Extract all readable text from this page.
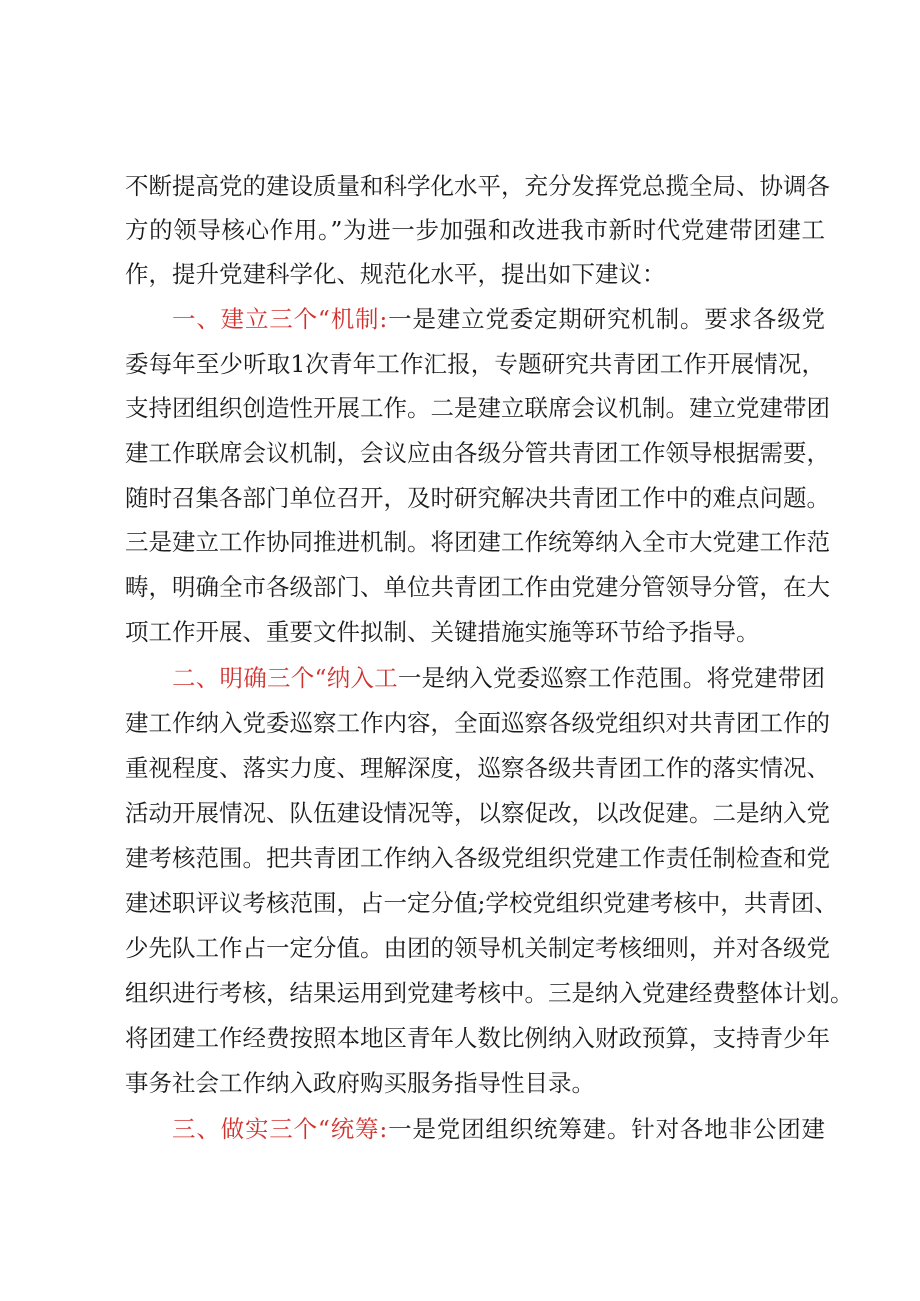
不断提高党的建设质量和科学化水平，充分发挥党总揽全局、协调各
方的领导核心作用。”为进一步加强和改进我市新时代党建带团建工
作，提升党建科学化、规范化水平，提出如下建议：
一、建立三个“机制:一是建立党委定期研究机制。要求各级党
委每年至少听取1次青年工作汇报，专题研究共青团工作开展情况，
支持团组织创造性开展工作。二是建立联席会议机制。建立党建带团
建工作联席会议机制，会议应由各级分管共青团工作领导根据需要，
随时召集各部门单位召开，及时研究解决共青团工作中的难点问题。
三是建立工作协同推进机制。将团建工作统筹纳入全市大党建工作范
畴，明确全市各级部门、单位共青团工作由党建分管领导分管，在大
项工作开展、重要文件拟制、关键措施实施等环节给予指导。
二、明确三个“纳入工一是纳入党委巡察工作范围。将党建带团
建工作纳入党委巡察工作内容，全面巡察各级党组织对共青团工作的
重视程度、落实力度、理解深度，巡察各级共青团工作的落实情况、
活动开展情况、队伍建设情况等，以察促改，以改促建。二是纳入党
建考核范围。把共青团工作纳入各级党组织党建工作责任制检查和党
建述职评议考核范围，占一定分值;学校党组织党建考核中，共青团、
少先队工作占一定分值。由团的领导机关制定考核细则，并对各级党
组织进行考核，结果运用到党建考核中。三是纳入党建经费整体计划。
将团建工作经费按照本地区青年人数比例纳入财政预算，支持青少年
事务社会工作纳入政府购买服务指导性目录。
三、做实三个“统筹:一是党团组织统筹建。针对各地非公团建
